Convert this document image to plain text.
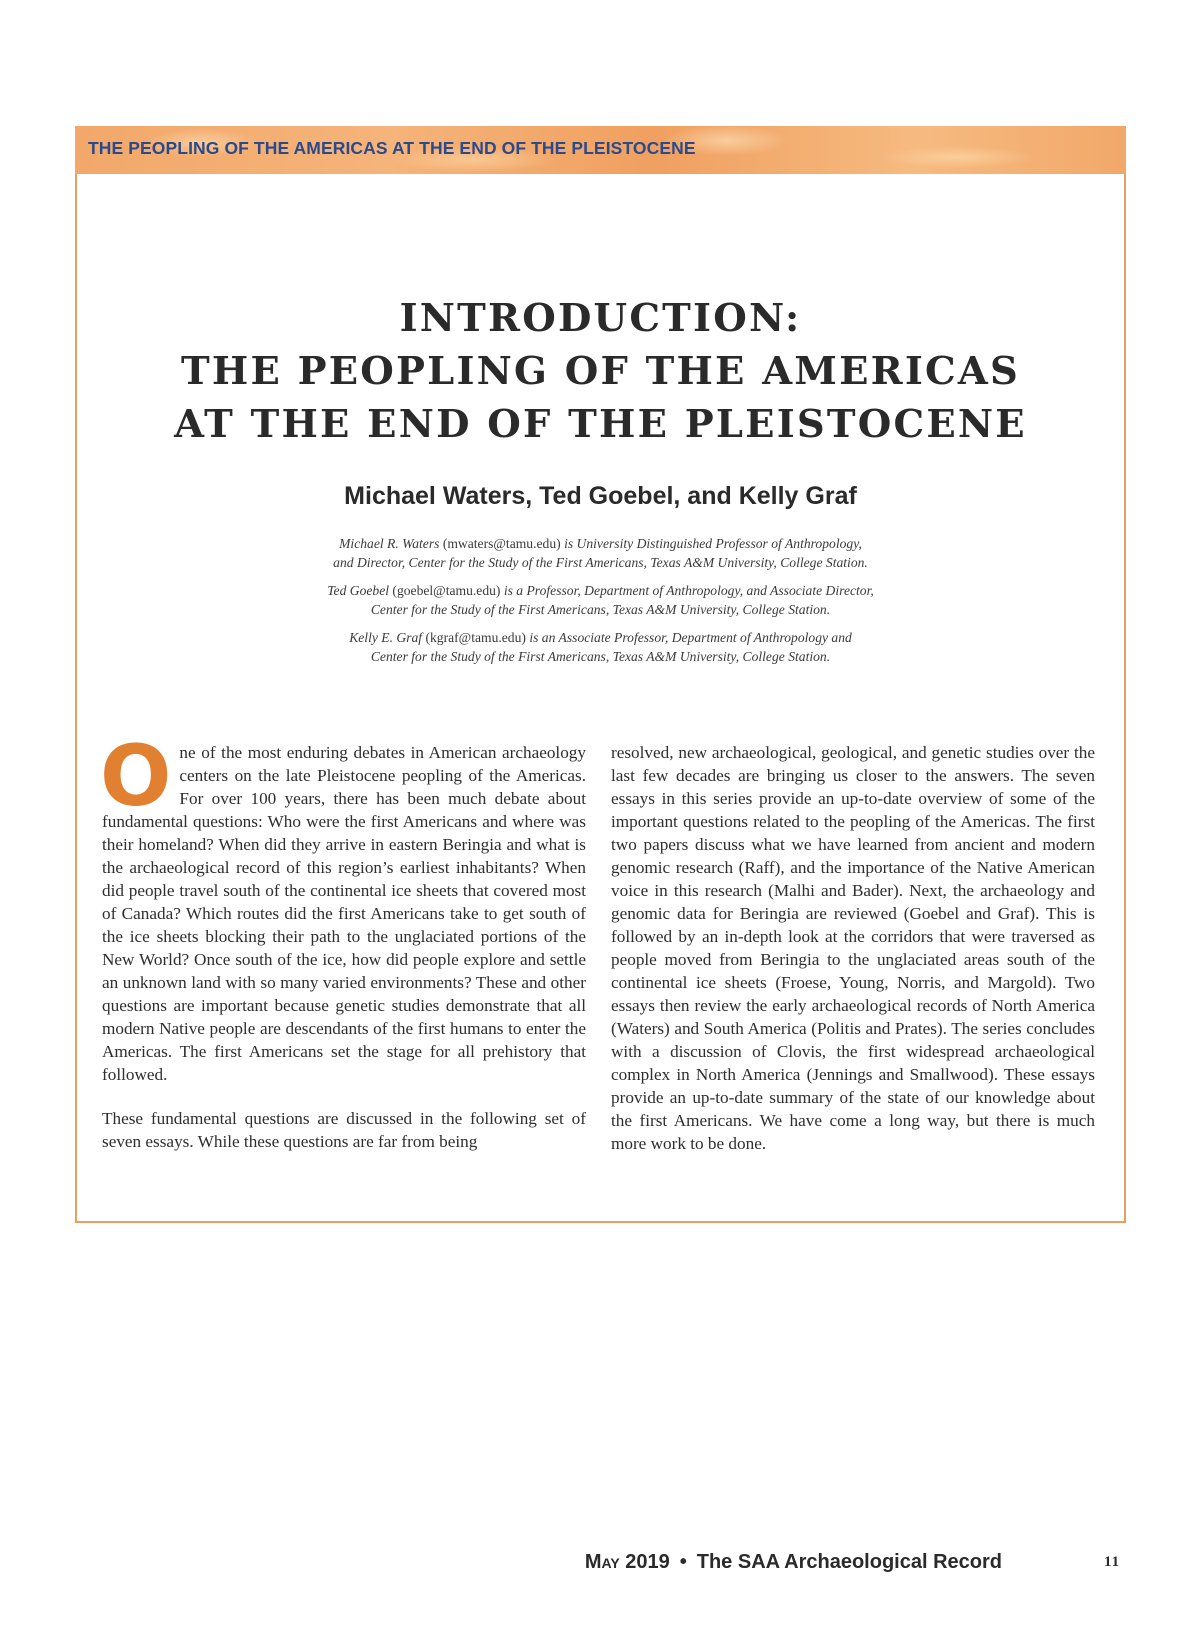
THE PEOPLING OF THE AMERICAS AT THE END OF THE PLEISTOCENE

INTRODUCTION:
THE PEOPLING OF THE AMERICAS
AT THE END OF THE PLEISTOCENE
Michael Waters, Ted Goebel, and Kelly Graf

Michael R. Waters (mwaters@tamu.edu) is University Distinguished Professor of Anthropology,
and Director, Center for the Study of the First Americans, Texas A&M University, College Station.

Ted Goebel (goebel@tamu.edu) is a Professor, Department of Anthropology, and Associate Director,
Center for the Study of the First Americans, Texas A&M University, College Station.

Kelly E. Graf (kgraf@tamu.edu) is an Associate Professor, Department of Anthropology and
Center for the Study of the First Americans, Texas A&M University, College Station.

One of the most enduring debates in American archaeology centers on the late Pleistocene peopling of the Americas. For over 100 years, there has been much debate about fundamental questions: Who were the first Americans and where was their homeland? When did they arrive in eastern Beringia and what is the archaeological record of this region’s earliest inhabitants? When did people travel south of the continental ice sheets that covered most of Canada? Which routes did the first Americans take to get south of the ice sheets blocking their path to the unglaciated portions of the New World? Once south of the ice, how did people explore and settle an unknown land with so many varied environments? These and other questions are important because genetic studies demonstrate that all modern Native people are descendants of the first humans to enter the Americas. The first Americans set the stage for all prehistory that followed.

These fundamental questions are discussed in the following set of seven essays. While these questions are far from being

resolved, new archaeological, geological, and genetic studies over the last few decades are bringing us closer to the answers. The seven essays in this series provide an up-to-date overview of some of the important questions related to the peopling of the Americas. The first two papers discuss what we have learned from ancient and modern genomic research (Raff), and the importance of the Native American voice in this research (Malhi and Bader). Next, the archaeology and genomic data for Beringia are reviewed (Goebel and Graf). This is followed by an in-depth look at the corridors that were traversed as people moved from Beringia to the unglaciated areas south of the continental ice sheets (Froese, Young, Norris, and Margold). Two essays then review the early archaeological records of North America (Waters) and South America (Politis and Prates). The series concludes with a discussion of Clovis, the first widespread archaeological complex in North America (Jennings and Smallwood). These essays provide an up-to-date summary of the state of our knowledge about the first Americans. We have come a long way, but there is much more work to be done.

May 2019 • The SAA Archaeological Record	11
